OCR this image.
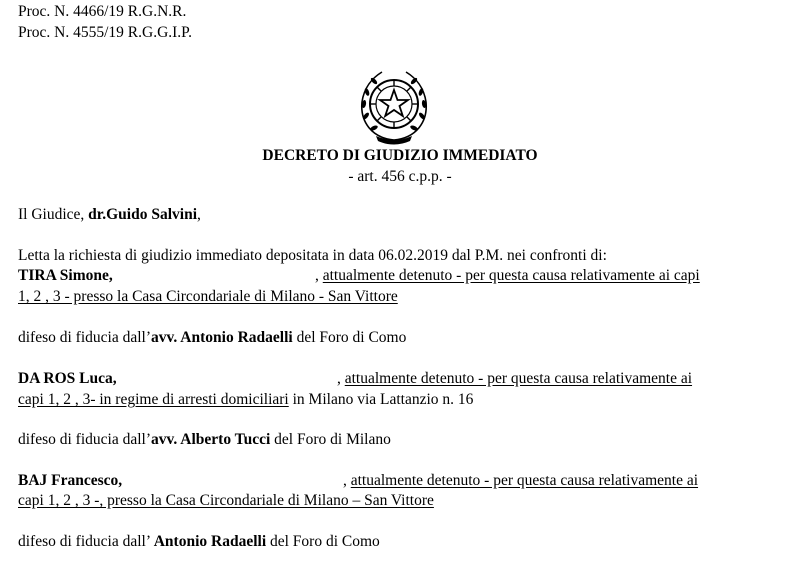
Proc. N. 4466/19 R.G.N.R.
Proc. N. 4555/19 R.G.G.I.P.
DECRETO DI GIUDIZIO IMMEDIATO
- art. 456 c.p.p. -
Il Giudice, dr.Guido Salvini,
Letta la richiesta di giudizio immediato depositata in data 06.02.2019 dal P.M. nei confronti di:
TIRA Simone,	, attualmente detenuto - per questa causa relativamente ai capi
1, 2 , 3 - presso la Casa Circondariale di Milano - San Vittore
difeso di fiducia dall’avv. Antonio Radaelli del Foro di Como
DA ROS Luca,	, attualmente detenuto - per questa causa relativamente ai
capi 1, 2 , 3- in regime di arresti domiciliari in Milano via Lattanzio n. 16
difeso di fiducia dall’avv. Alberto Tucci del Foro di Milano
BAJ Francesco,	, attualmente detenuto - per questa causa relativamente ai
capi 1, 2 , 3 -, presso la Casa Circondariale di Milano – San Vittore
difeso di fiducia dall’ Antonio Radaelli del Foro di Como
